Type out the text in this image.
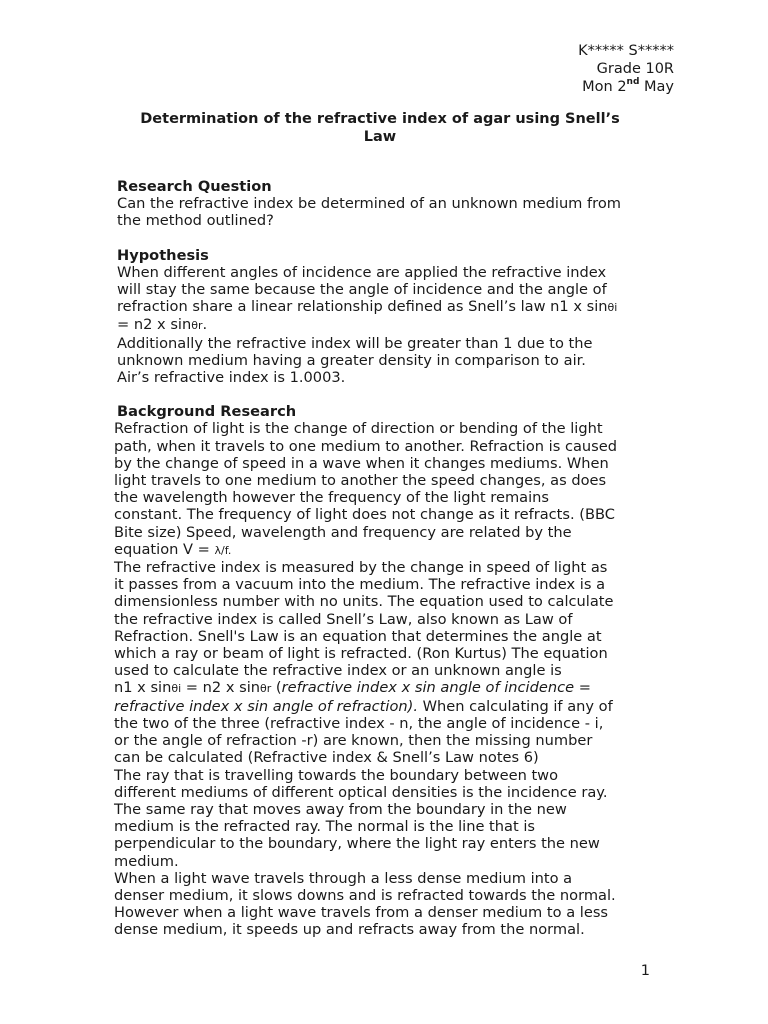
K***** S*****
Grade 10R
Mon 2nd May
Determination of the refractive index of agar using Snell’s
Law
Research Question
Can the refractive index be determined of an unknown medium from
the method outlined?
Hypothesis
When different angles of incidence are applied the refractive index
will stay the same because the angle of incidence and the angle of
refraction share a linear relationship defined as Snell’s law n1 x sinθi
= n2 x sinθr.
Additionally the refractive index will be greater than 1 due to the
unknown medium having a greater density in comparison to air.
Air’s refractive index is 1.0003.
Background Research
Refraction of light is the change of direction or bending of the light
path, when it travels to one medium to another. Refraction is caused
by the change of speed in a wave when it changes mediums. When
light travels to one medium to another the speed changes, as does
the wavelength however the frequency of the light remains
constant. The frequency of light does not change as it refracts. (BBC
Bite size) Speed, wavelength and frequency are related by the
equation V = λ/f.
The refractive index is measured by the change in speed of light as
it passes from a vacuum into the medium. The refractive index is a
dimensionless number with no units. The equation used to calculate
the refractive index is called Snell’s Law, also known as Law of
Refraction. Snell's Law is an equation that determines the angle at
which a ray or beam of light is refracted. (Ron Kurtus) The equation
used to calculate the refractive index or an unknown angle is
n1 x sinθi = n2 x sinθr (refractive index x sin angle of incidence =
refractive index x sin angle of refraction). When calculating if any of
the two of the three (refractive index - n, the angle of incidence - i,
or the angle of refraction -r) are known, then the missing number
can be calculated (Refractive index & Snell’s Law notes 6)
The ray that is travelling towards the boundary between two
different mediums of different optical densities is the incidence ray.
The same ray that moves away from the boundary in the new
medium is the refracted ray. The normal is the line that is
perpendicular to the boundary, where the light ray enters the new
medium.
When a light wave travels through a less dense medium into a
denser medium, it slows downs and is refracted towards the normal.
However when a light wave travels from a denser medium to a less
dense medium, it speeds up and refracts away from the normal.
1
